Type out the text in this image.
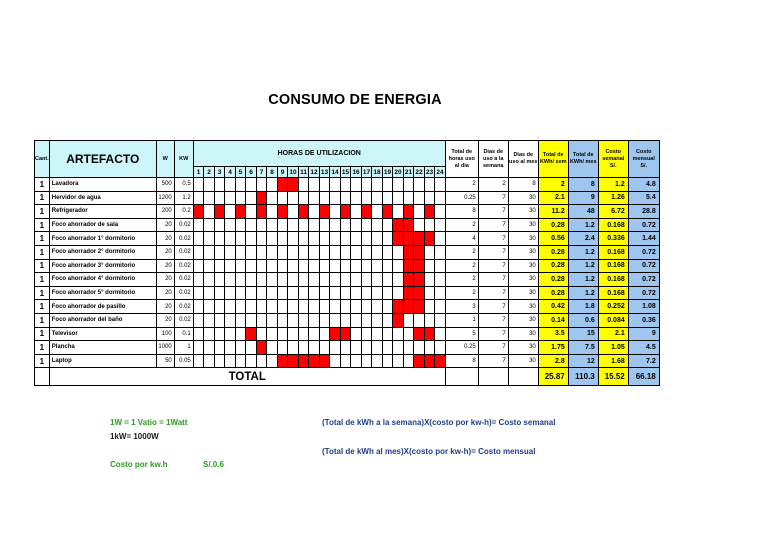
CONSUMO DE ENERGIA
Cant.	ARTEFACTO	W	KW	HORAS DE UTILIZACION																								Total de horas uso al dia	Dias de uso a la semana	Dias de uso al mes	Total de KWh/ sem	Total de KWh/ mes	Costo semanal S/.	Costo mensual S/.
				1	2	3	4	5	6	7	8	9	10	11	12	13	14	15	16	17	18	19	20	21	22	23	24							
1	Lavadora	500	0.5																									2	2	8	2	8	1.2	4.8
1	Hervidor de agua	1200	1.2																									0.25	7	30	2.1	9	1.26	5.4
1	Refrigerador	200	0.2																									8	7	30	11.2	48	6.72	28.8
1	Foco ahorrador de sala	20	0.02																									2	7	30	0.28	1.2	0.168	0.72
1	Foco ahorrador 1° dormitorio	20	0.02																									4	7	30	0.56	2.4	0.336	1.44
1	Foco ahorrador 2° dormitorio	20	0.02																									2	7	30	0.28	1.2	0.168	0.72
1	Foco ahorrador 3° dormitorio	20	0.02																									2	7	30	0.28	1.2	0.168	0.72
1	Foco ahorrador 4° dormitorio	20	0.02																									2	7	30	0.28	1.2	0.168	0.72
1	Foco ahorrador 5° dormitorio	20	0.02																									2	7	30	0.28	1.2	0.168	0.72
1	Foco ahorrador de pasillo	20	0.02																									3	7	30	0.42	1.8	0.252	1.08
1	Foco ahorrador del baño	20	0.02																									1	7	30	0.14	0.6	0.084	0.36
1	Televisor	100	0.1																									5	7	30	3.5	15	2.1	9
1	Plancha	1000	1																									0.25	7	30	1.75	7.5	1.05	4.5
1	Laptop	50	0.05																									8	7	30	2.8	12	1.68	7.2
	TOTAL																														25.87	110.3	15.52	66.18
1W = 1 Vatio = 1Watt
1kW= 1000W
Costo por kw.h	S/.0.6
(Total de kWh a la semana)X(costo por kw-h)= Costo semanal
(Total de kWh al mes)X(costo por kw-h)= Costo mensual
